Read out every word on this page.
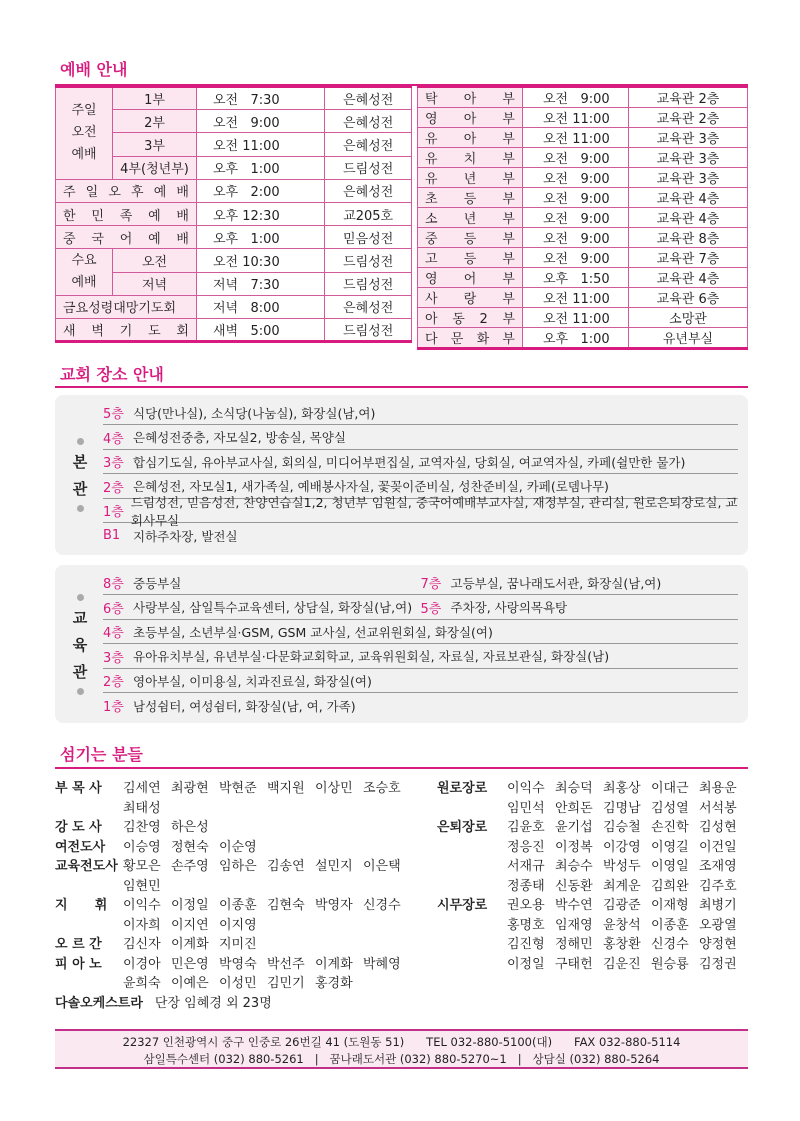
예배 안내
주일
오전
예배	1부	오전   7:30	은혜성전
	2부	오전   9:00	은혜성전
	3부	오전 11:00	은혜성전
	4부(청년부)	오후   1:00	드림성전

주 일 오 후 예 배		오후   2:00	은혜성전

한 민 족 예 배		오후 12:30	교205호

중 국 어 예 배		오후   1:00	믿음성전
수요
예배	오전	오전 10:30	드림성전
	저녁	저녁   7:30	드림성전

금요성령대망기도회		저녁   8:00	은혜성전

새 벽 기 도 회		새벽   5:00	드림성전
탁 아 부	오전   9:00	교육관 2층

영 아 부	오전 11:00	교육관 2층

유 아 부	오전 11:00	교육관 3층

유 치 부	오전   9:00	교육관 3층

유 년 부	오전   9:00	교육관 3층

초 등 부	오전   9:00	교육관 4층

소 년 부	오전   9:00	교육관 4층

중 등 부	오전   9:00	교육관 8층

고 등 부	오전   9:00	교육관 7층

영 어 부	오후   1:50	교육관 4층

사 랑 부	오전 11:00	교육관 6층

아 동 2 부	오전 11:00	소망관

다 문 화 부	오후   1:00	유년부실
교회 장소 안내
본
관
5층 식당(만나실), 소식당(나눔실), 화장실(남,여)
4층 은혜성전중층, 자모실2, 방송실, 목양실
3층 합심기도실, 유아부교사실, 회의실, 미디어부편집실, 교역자실, 당회실, 여교역자실, 카페(쉴만한 물가)
2층 은혜성전, 자모실1, 새가족실, 예배봉사자실, 꽃꽂이준비실, 성찬준비실, 카페(로뎀나무)
1층
드림성전, 믿음성전, 찬양연습실1,2, 청년부 임원실, 중국어예배부교사실, 재정부실, 관리실, 원로은퇴장로실, 교회사무실
B1	지하주차장, 발전실
교
육
관
8층 중등부실	7층 고등부실, 꿈나래도서관, 화장실(남,여)
6층 사랑부실, 삼일특수교육센터, 상담실, 화장실(남,여) 5층 주차장, 사랑의목욕탕
4층 초등부실, 소년부실·GSM, GSM 교사실, 선교위원회실, 화장실(여)
3층 유아유치부실, 유년부실·다문화교회학교, 교육위원회실, 자료실, 자료보관실, 화장실(남)
2층 영아부실, 이미용실, 치과진료실, 화장실(여)
1층 남성쉼터, 여성쉼터, 화장실(남, 여, 가족)
섬기는 분들
부 목 사	김세연 최광현 박현준 백지원 이상민 조승호
최태성
강 도 사	김찬영 하은성
여전도사	이승영 정현숙 이순영
교육전도사 황모은 손주영 임하은 김송연 설민지 이은택
임현민
지      휘	이익수 이정일 이종훈 김현숙 박영자 신경수
이자희 이지연 이지영
오 르 간	김신자 이계화 지미진
피 아 노	이경아 민은영 박영숙 박선주 이계화 박혜영
윤희숙 이예은 이성민 김민기 홍경화
다솔오케스트라 단장 임혜경 외 23명
원로장로	이익수 최승덕 최홍상 이대근 최용운
임민석 안희돈 김명남 김성열 서석봉
은퇴장로	김윤호 윤기섭 김승철 손진학 김성현
정응진 이정복 이강영 이영길 이건일
서재규 최승수 박성두 이영일 조재영
정종태 신동환 최계운 김희완 김주호
시무장로	권오용 박수연 김광준 이재형 최병기
홍명호 임재영 윤창석 이종훈 오광열
김진형 정해민 홍창환 신경수 양정현
이정일 구태헌 김운진 원승룡 김정권
22327 인천광역시 중구 인중로 26번길 41 (도원동 51)      TEL 032-880-5100(대)      FAX 032-880-5114
삼일특수센터 (032) 880-5261   |   꿈나래도서관 (032) 880-5270~1   |   상담실 (032) 880-5264
